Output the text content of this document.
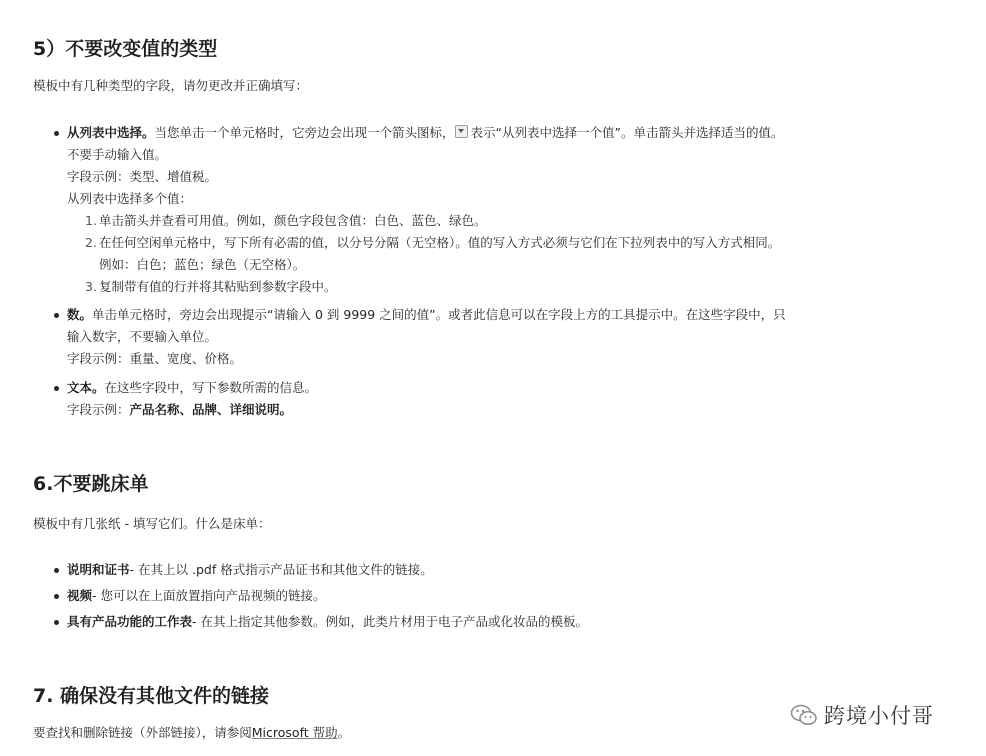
5）不要改变值的类型
模板中有几种类型的字段，请勿更改并正确填写：
从列表中选择。当您单击一个单元格时，它旁边会出现一个箭头图标， 表示“从列表中选择一个值”。单击箭头并选择适当的值。
不要手动输入值。
字段示例：类型、增值税。
从列表中选择多个值：
1. 单击箭头并查看可用值。例如，颜色字段包含值：白色、蓝色、绿色。
2. 在任何空闲单元格中，写下所有必需的值，以分号分隔（无空格）。值的写入方式必须与它们在下拉列表中的写入方式相同。
例如：白色；蓝色；绿色（无空格）。
3. 复制带有值的行并将其粘贴到参数字段中。
数。单击单元格时，旁边会出现提示“请输入 0 到 9999 之间的值”。或者此信息可以在字段上方的工具提示中。在这些字段中，只
输入数字，不要输入单位。
字段示例：重量、宽度、价格。
文本。在这些字段中，写下参数所需的信息。
字段示例：产品名称、品牌、详细说明。
6.不要跳床单
模板中有几张纸 - 填写它们。什么是床单：
说明和证书- 在其上以 .pdf 格式指示产品证书和其他文件的链接。
视频- 您可以在上面放置指向产品视频的链接。
具有产品功能的工作表- 在其上指定其他参数。例如，此类片材用于电子产品或化妆品的模板。
7. 确保没有其他文件的链接
要查找和删除链接（外部链接），请参阅Microsoft 帮助。
跨境小付哥
